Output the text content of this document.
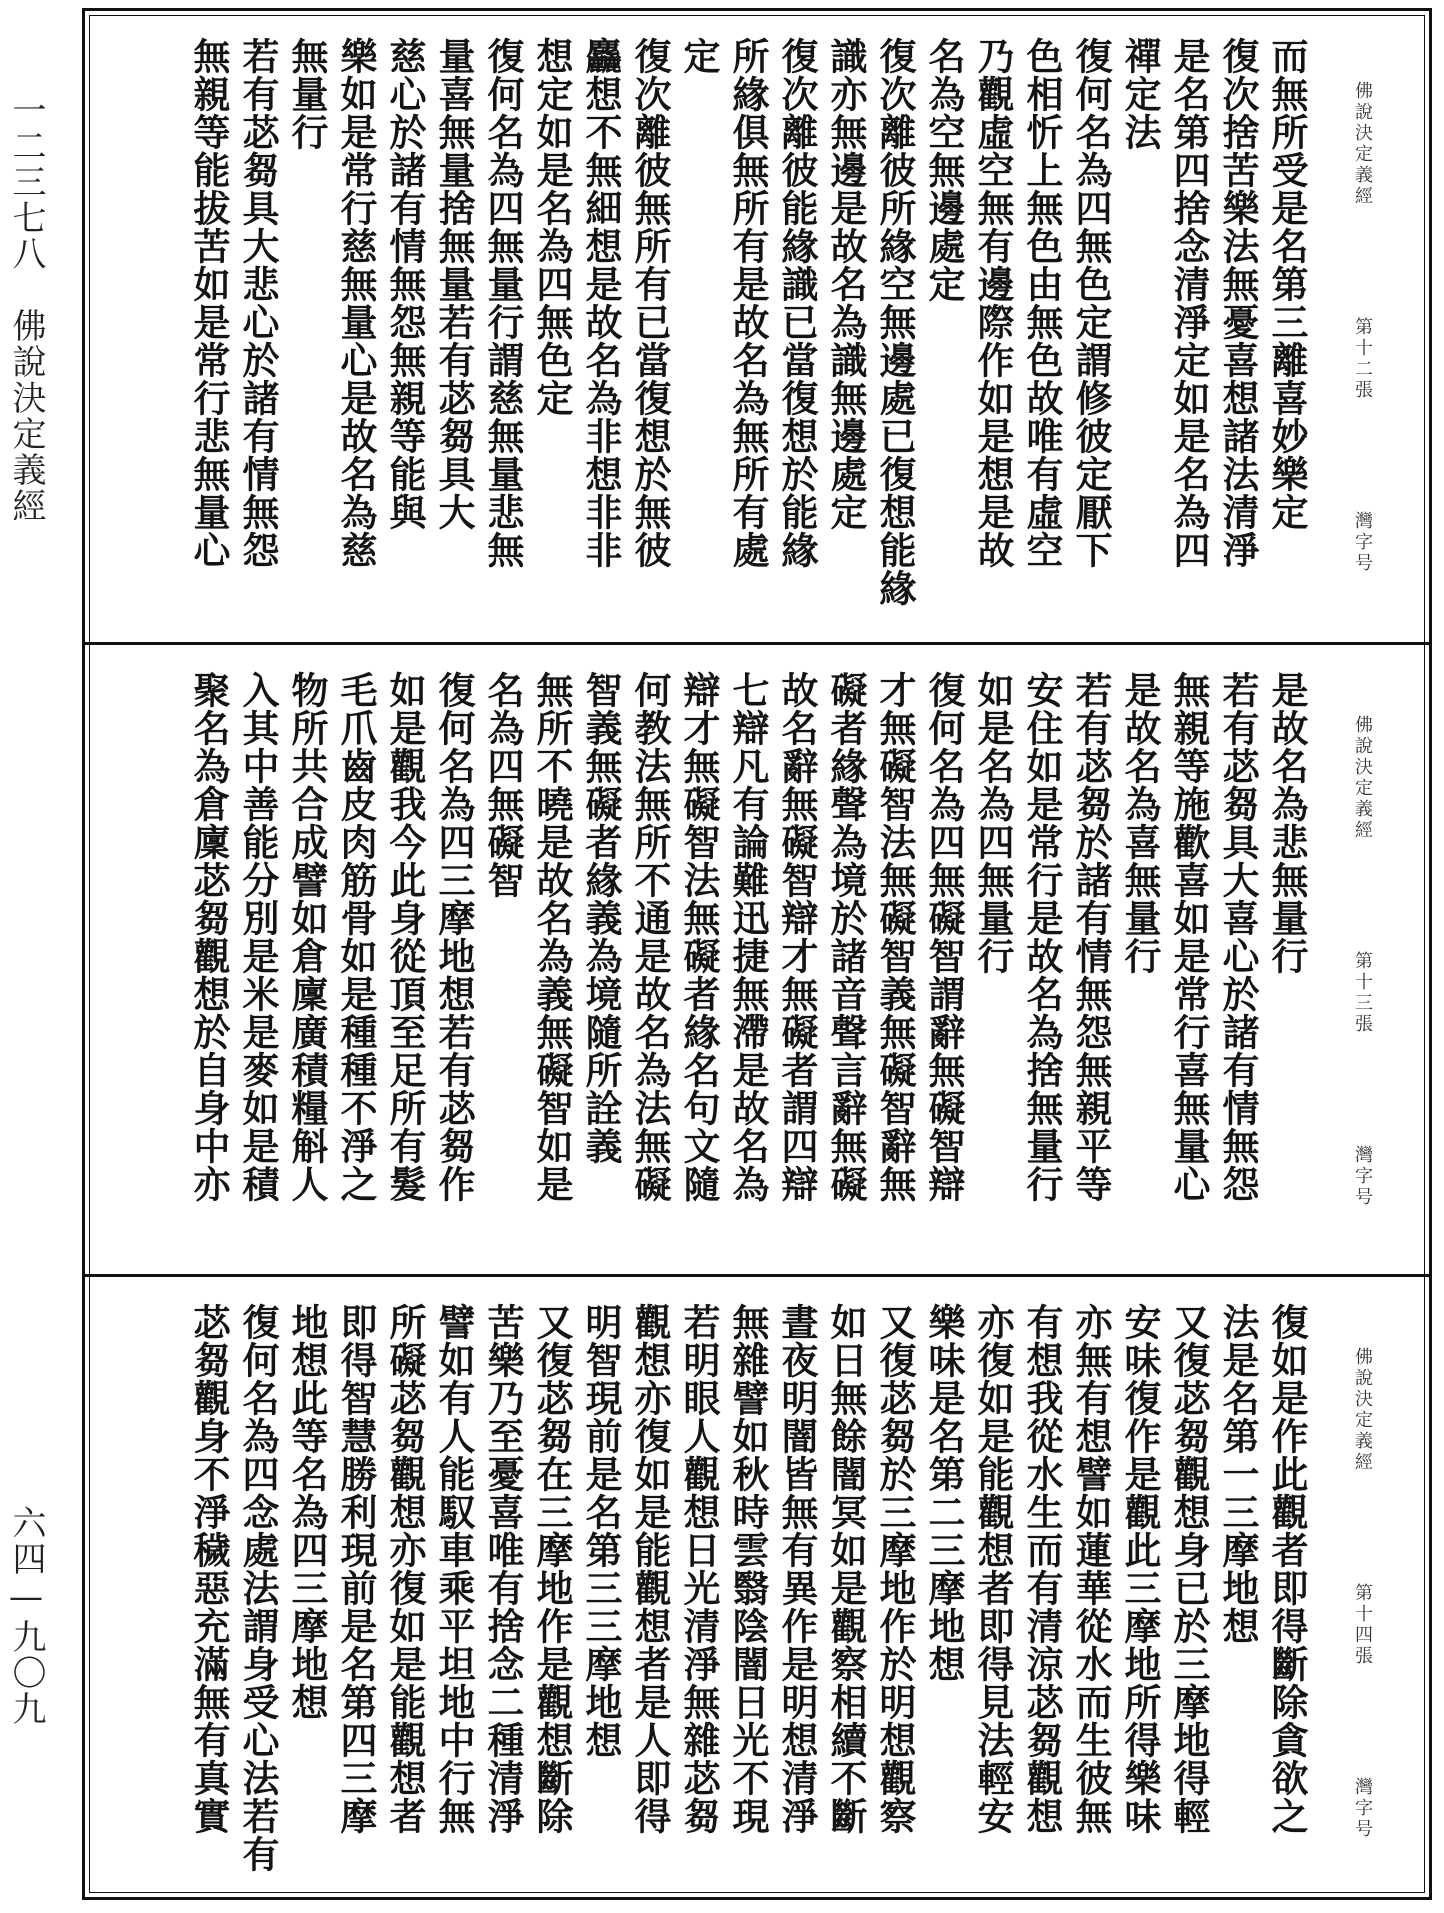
一二三七八　佛說決定義經
六四—九〇九
佛說決定義經第十二張灣字号
而無所受是名第三離喜妙樂定
復次捨苦樂法無憂喜想諸法清淨
是名第四捨念清淨定如是名為四
禪定法
復何名為四無色定謂修彼定厭下
色相忻上無色由無色故唯有虛空
乃觀虛空無有邊際作如是想是故
名為空無邊處定
復次離彼所緣空無邊處已復想能緣
識亦無邊是故名為識無邊處定
復次離彼能緣識已當復想於能緣
所緣俱無所有是故名為無所有處
定
復次離彼無所有已當復想於無彼
麤想不無細想是故名為非想非非
想定如是名為四無色定
復何名為四無量行謂慈無量悲無
量喜無量捨無量若有苾芻具大
慈心於諸有情無怨無親等能與
樂如是常行慈無量心是故名為慈
無量行
若有苾芻具大悲心於諸有情無怨
無親等能拔苦如是常行悲無量心
佛說決定義經第十三張灣字号
是故名為悲無量行
若有苾芻具大喜心於諸有情無怨
無親等施歡喜如是常行喜無量心
是故名為喜無量行
若有苾芻於諸有情無怨無親平等
安住如是常行是故名為捨無量行
如是名為四無量行
復何名為四無礙智謂辭無礙智辯
才無礙智法無礙智義無礙智辭無
礙者緣聲為境於諸音聲言辭無礙
故名辭無礙智辯才無礙者謂四辯
七辯凡有論難迅捷無滯是故名為
辯才無礙智法無礙者緣名句文隨
何教法無所不通是故名為法無礙
智義無礙者緣義為境隨所詮義
無所不曉是故名為義無礙智如是
名為四無礙智
復何名為四三摩地想若有苾芻作
如是觀我今此身從頂至足所有髮
毛爪齒皮肉筋骨如是種種不淨之
物所共合成譬如倉廩廣積糧斛人
入其中善能分別是米是麥如是積
聚名為倉廩苾芻觀想於自身中亦
佛說決定義經第十四張灣字号
復如是作此觀者即得斷除貪欲之
法是名第一三摩地想
又復苾芻觀想身已於三摩地得輕
安味復作是觀此三摩地所得樂味
亦無有想譬如蓮華從水而生彼無
有想我從水生而有清涼苾芻觀想
亦復如是能觀想者即得見法輕安
樂味是名第二三摩地想
又復苾芻於三摩地作於明想觀察
如日無餘闇冥如是觀察相續不斷
晝夜明闇皆無有異作是明想清淨
無雜譬如秋時雲翳陰闇日光不現
若明眼人觀想日光清淨無雜苾芻
觀想亦復如是能觀想者是人即得
明智現前是名第三三摩地想
又復苾芻在三摩地作是觀想斷除
苦樂乃至憂喜唯有捨念二種清淨
譬如有人能馭車乘平坦地中行無
所礙苾芻觀想亦復如是能觀想者
即得智慧勝利現前是名第四三摩
地想此等名為四三摩地想
復何名為四念處法謂身受心法若有
苾芻觀身不淨穢惡充滿無有真實
